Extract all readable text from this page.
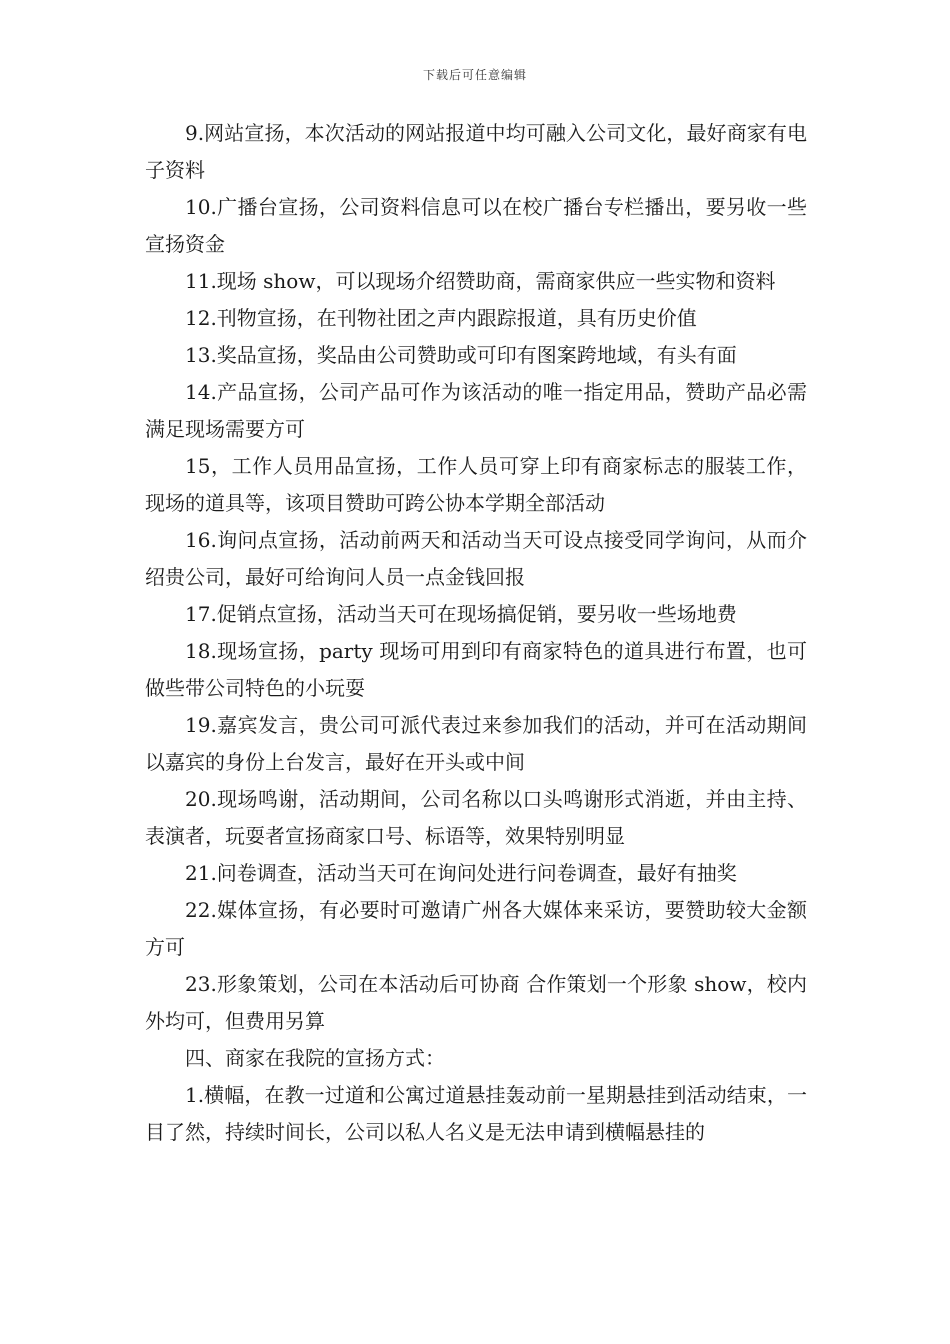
下载后可任意编辑

9.网站宣扬，本次活动的网站报道中均可融入公司文化，最好商家有电子资料

10.广播台宣扬，公司资料信息可以在校广播台专栏播出，要另收一些宣扬资金

11.现场 show，可以现场介绍赞助商，需商家供应一些实物和资料

12.刊物宣扬，在刊物社团之声内跟踪报道，具有历史价值

13.奖品宣扬，奖品由公司赞助或可印有图案跨地域，有头有面

14.产品宣扬，公司产品可作为该活动的唯一指定用品，赞助产品必需满足现场需要方可

15，工作人员用品宣扬，工作人员可穿上印有商家标志的服装工作，现场的道具等，该项目赞助可跨公协本学期全部活动

16.询问点宣扬，活动前两天和活动当天可设点接受同学询问，从而介绍贵公司，最好可给询问人员一点金钱回报

17.促销点宣扬，活动当天可在现场搞促销，要另收一些场地费

18.现场宣扬，party 现场可用到印有商家特色的道具进行布置，也可做些带公司特色的小玩耍

19.嘉宾发言，贵公司可派代表过来参加我们的活动，并可在活动期间以嘉宾的身份上台发言，最好在开头或中间

20.现场鸣谢，活动期间，公司名称以口头鸣谢形式消逝，并由主持、表演者，玩耍者宣扬商家口号、标语等，效果特别明显

21.问卷调查，活动当天可在询问处进行问卷调查，最好有抽奖

22.媒体宣扬，有必要时可邀请广州各大媒体来采访，要赞助较大金额方可

23.形象策划，公司在本活动后可协商 合作策划一个形象 show，校内外均可，但费用另算

四、商家在我院的宣扬方式：

1.横幅，在教一过道和公寓过道悬挂轰动前一星期悬挂到活动结束，一目了然，持续时间长，公司以私人名义是无法申请到横幅悬挂的
